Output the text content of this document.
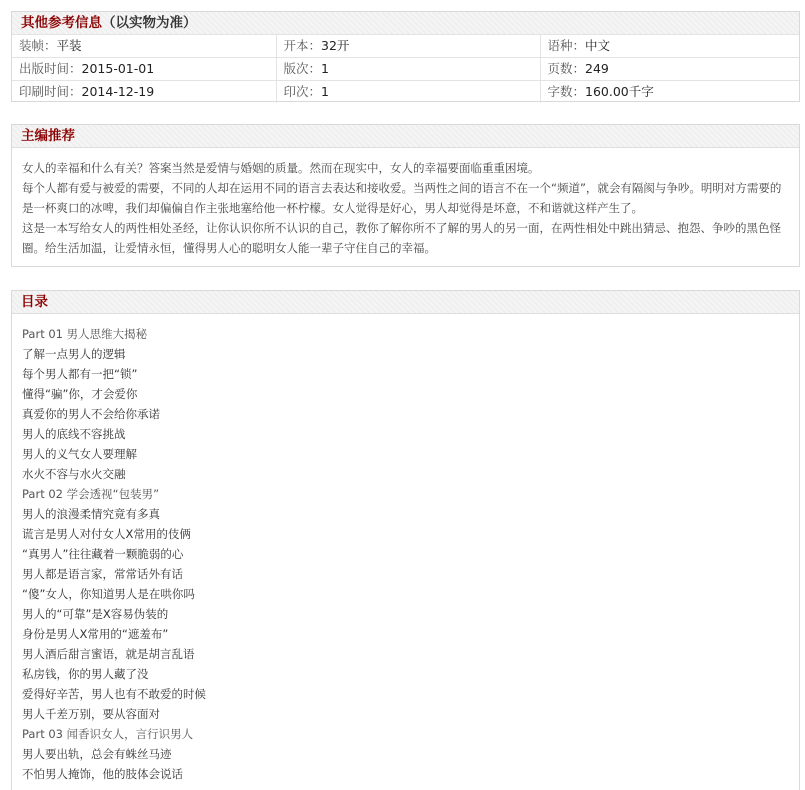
其他参考信息（以实物为准）
装帧：平装	开本：32开	语种：中文
出版时间：2015-01-01	版次：1	页数：249
印刷时间：2014-12-19	印次：1	字数：160.00千字
主编推荐

女人的幸福和什么有关？答案当然是爱情与婚姻的质量。然而在现实中，女人的幸福要面临重重困境。

每个人都有爱与被爱的需要，不同的人却在运用不同的语言去表达和接收爱。当两性之间的语言不在一个“频道”，就会有隔阂与争吵。明明对方需要的是一杯爽口的冰啤，我们却偏偏自作主张地塞给他一杯柠檬。女人觉得是好心，男人却觉得是坏意，不和谐就这样产生了。

这是一本写给女人的两性相处圣经，让你认识你所不认识的自己，教你了解你所不了解的男人的另一面，在两性相处中跳出猜忌、抱怨、争吵的黑色怪圈。给生活加温，让爱情永恒，懂得男人心的聪明女人能一辈子守住自己的幸福。

目录
Part 01 男人思维大揭秘
了解一点男人的逻辑
每个男人都有一把“锁”
懂得“骗”你，才会爱你
真爱你的男人不会给你承诺
男人的底线不容挑战
男人的义气女人要理解
水火不容与水火交融
Part 02 学会透视“包装男”
男人的浪漫柔情究竟有多真
谎言是男人对付女人X常用的伎俩
“真男人”往往藏着一颗脆弱的心
男人都是语言家，常常话外有话
“傻”女人，你知道男人是在哄你吗
男人的“可靠”是X容易伪装的
身份是男人X常用的“遮羞布”
男人酒后甜言蜜语，就是胡言乱语
私房钱，你的男人藏了没
爱得好辛苦，男人也有不敢爱的时候
男人千差万别，要从容面对
Part 03 闻香识女人，言行识男人
男人要出轨，总会有蛛丝马迹
不怕男人掩饰，他的肢体会说话
